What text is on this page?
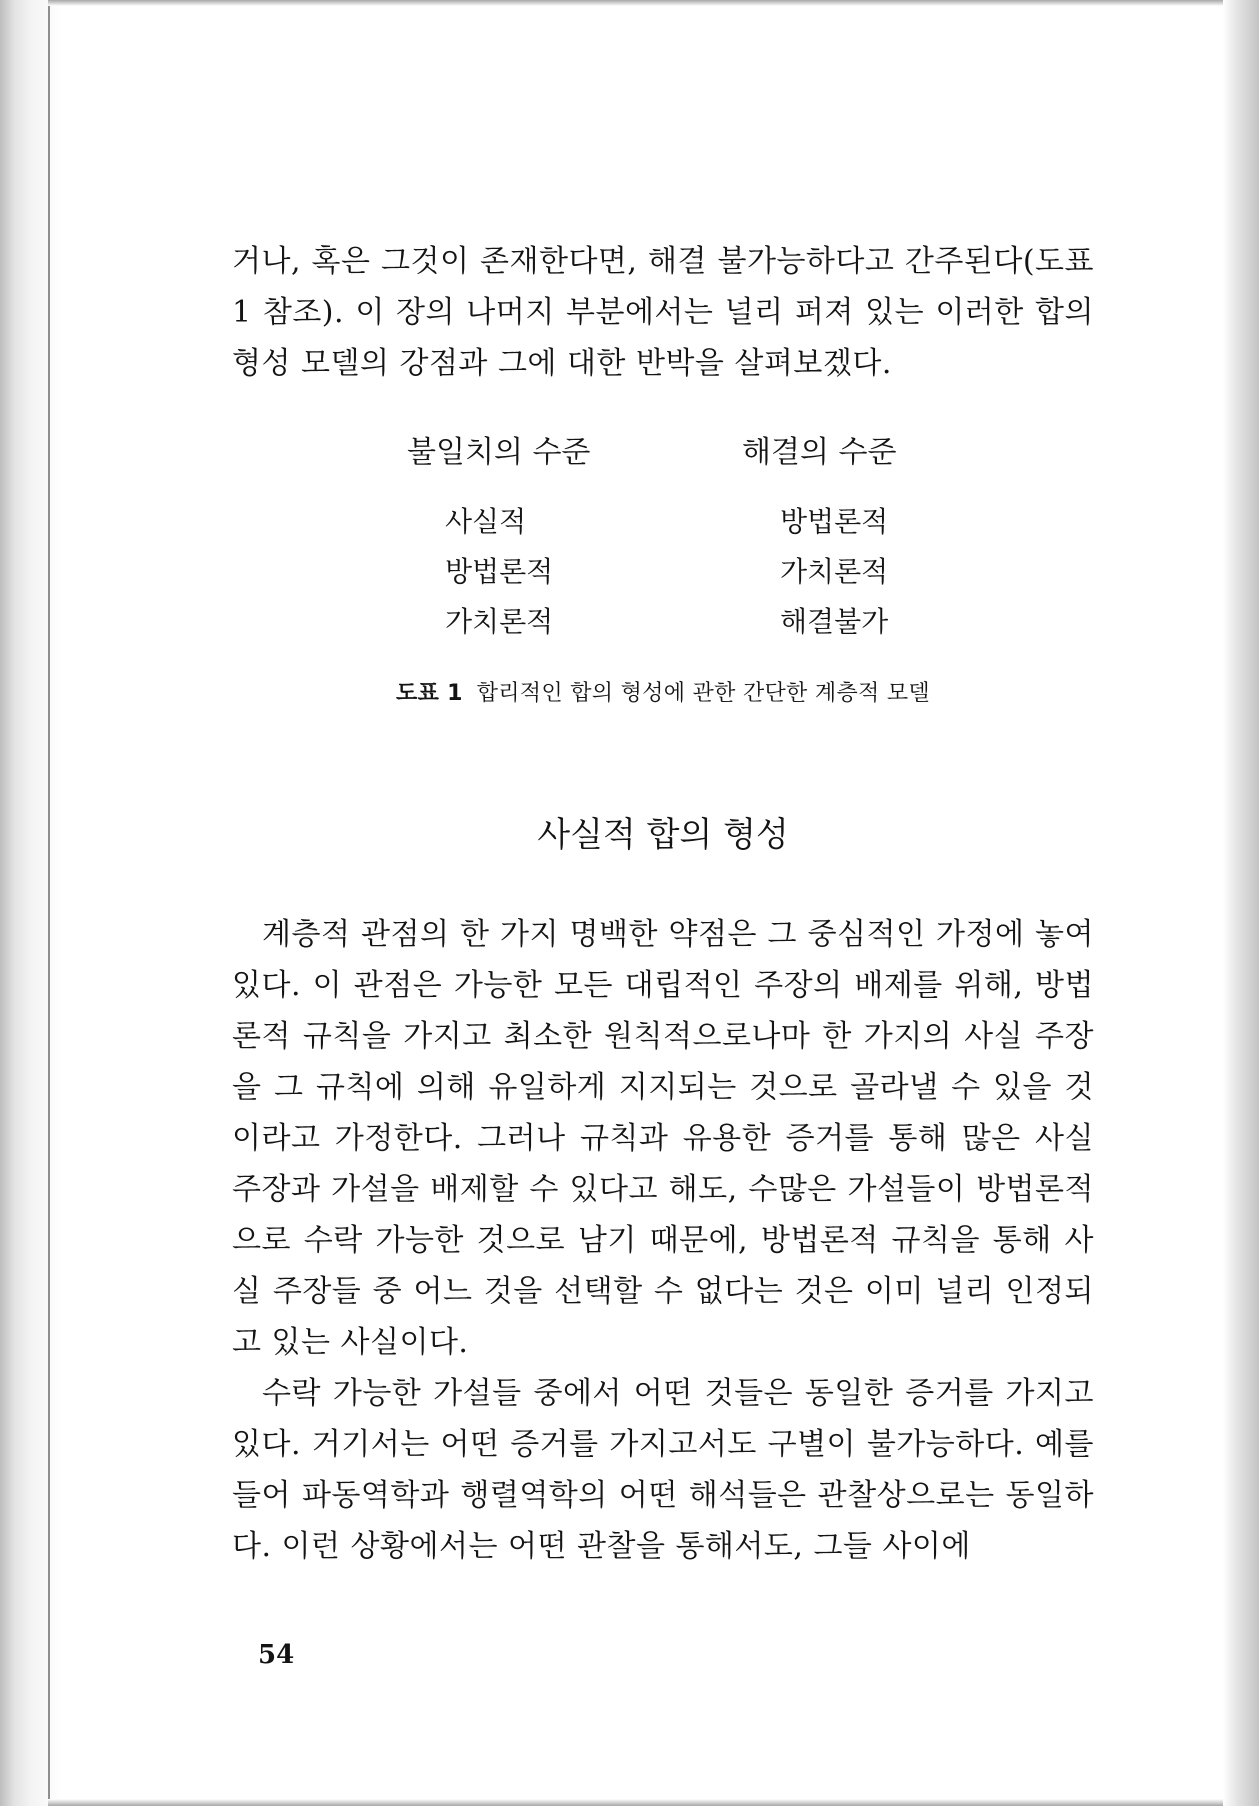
거나, 혹은 그것이 존재한다면, 해결 불가능하다고 간주된다(도표 1 참조). 이 장의 나머지 부분에서는 널리 퍼져 있는 이러한 합의 형성 모델의 강점과 그에 대한 반박을 살펴보겠다.

불일치의 수준
사실적
방법론적
가치론적
해결의 수준
방법론적
가치론적
해결불가
도표 1 합리적인 합의 형성에 관한 간단한 계층적 모델
사실적 합의 형성

계층적 관점의 한 가지 명백한 약점은 그 중심적인 가정에 놓여 있다. 이 관점은 가능한 모든 대립적인 주장의 배제를 위해, 방법론적 규칙을 가지고 최소한 원칙적으로나마 한 가지의 사실 주장을 그 규칙에 의해 유일하게 지지되는 것으로 골라낼 수 있을 것이라고 가정한다. 그러나 규칙과 유용한 증거를 통해 많은 사실 주장과 가설을 배제할 수 있다고 해도, 수많은 가설들이 방법론적으로 수락 가능한 것으로 남기 때문에, 방법론적 규칙을 통해 사실 주장들 중 어느 것을 선택할 수 없다는 것은 이미 널리 인정되고 있는 사실이다.

수락 가능한 가설들 중에서 어떤 것들은 동일한 증거를 가지고 있다. 거기서는 어떤 증거를 가지고서도 구별이 불가능하다. 예를 들어 파동역학과 행렬역학의 어떤 해석들은 관찰상으로는 동일하다. 이런 상황에서는 어떤 관찰을 통해서도, 그들 사이에

54
